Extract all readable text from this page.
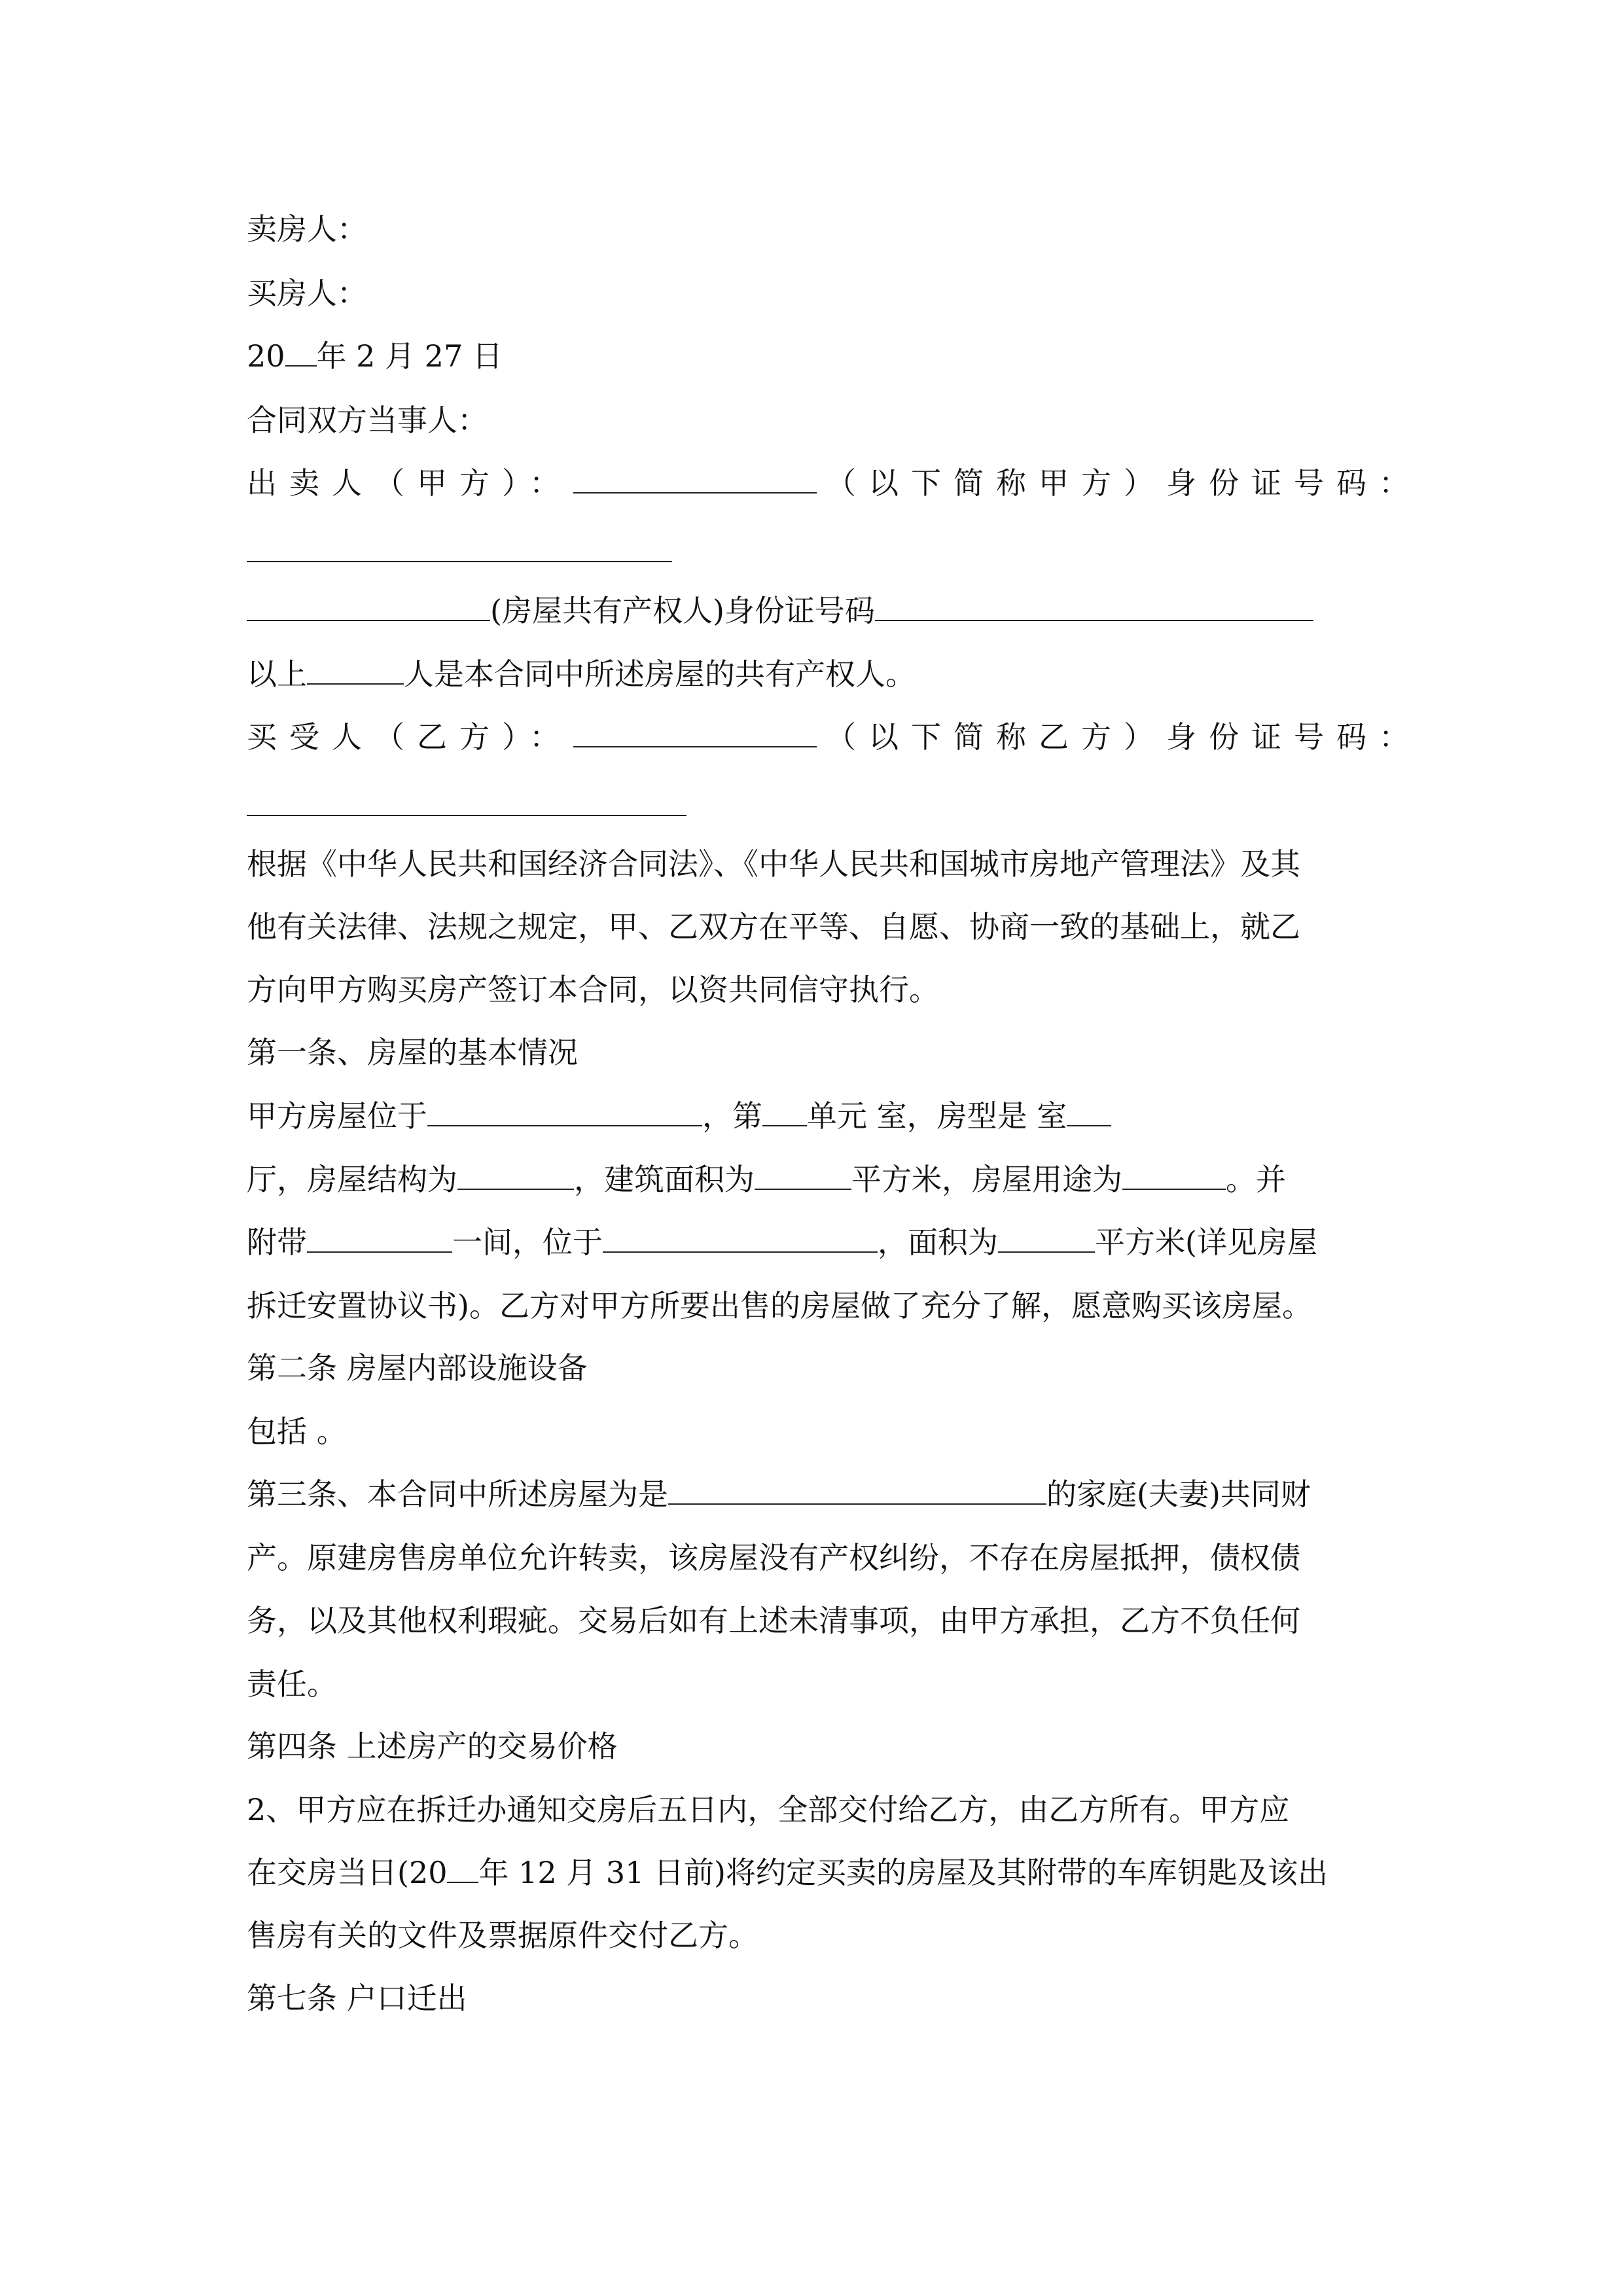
卖房人：
买房人：
20 年 2 月 27 日
合同双方当事人：
出卖人（甲方）：	（以下简称甲方）身份证号码：
(房屋共有产权人)身份证号码
以上	人是本合同中所述房屋的共有产权人。
买受人（乙方）：	（以下简称乙方）身份证号码：
根据《中华人民共和国经济合同法》、《中华人民共和国城市房地产管理法》及其
他有关法律、法规之规定，甲、乙双方在平等、自愿、协商一致的基础上，就乙
方向甲方购买房产签订本合同，以资共同信守执行。
第一条、房屋的基本情况
甲方房屋位于	，第 单元 室，房型是 室
厅，房屋结构为	，建筑面积为	平方米，房屋用途为	。并
附带	一间，位于	，面积为	平方米(详见房屋
拆迁安置协议书)。乙方对甲方所要出售的房屋做了充分了解，愿意购买该房屋。
第二条 房屋内部设施设备
包括 。
第三条、本合同中所述房屋为是	的家庭(夫妻)共同财
产。原建房售房单位允许转卖，该房屋没有产权纠纷，不存在房屋抵押，债权债
务，以及其他权利瑕疵。交易后如有上述未清事项，由甲方承担，乙方不负任何
责任。
第四条 上述房产的交易价格
2、甲方应在拆迁办通知交房后五日内，全部交付给乙方，由乙方所有。甲方应
在交房当日(20 年 12 月 31 日前)将约定买卖的房屋及其附带的车库钥匙及该出
售房有关的文件及票据原件交付乙方。
第七条 户口迁出
